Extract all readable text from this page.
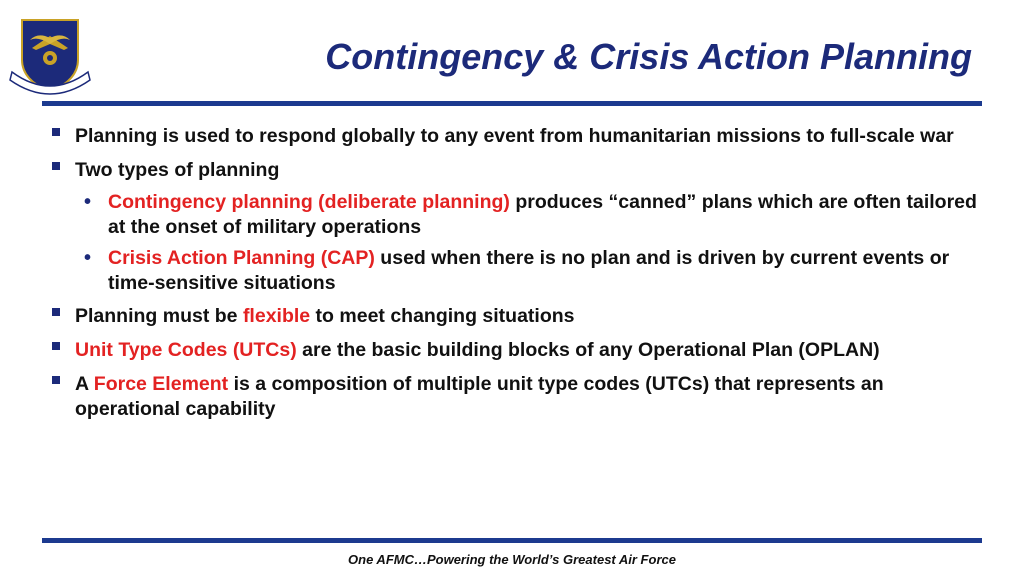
Contingency & Crisis Action Planning

Planning is used to respond globally to any event from humanitarian missions to full-scale war

Two types of planning

• Contingency planning (deliberate planning) produces “canned” plans which are often tailored at the onset of military operations

• Crisis Action Planning (CAP) used when there is no plan and is driven by current events or time-sensitive situations

Planning must be flexible to meet changing situations

Unit Type Codes (UTCs) are the basic building blocks of any Operational Plan (OPLAN)

A Force Element is a composition of multiple unit type codes (UTCs) that represents an operational capability

One AFMC…Powering the World’s Greatest Air Force
